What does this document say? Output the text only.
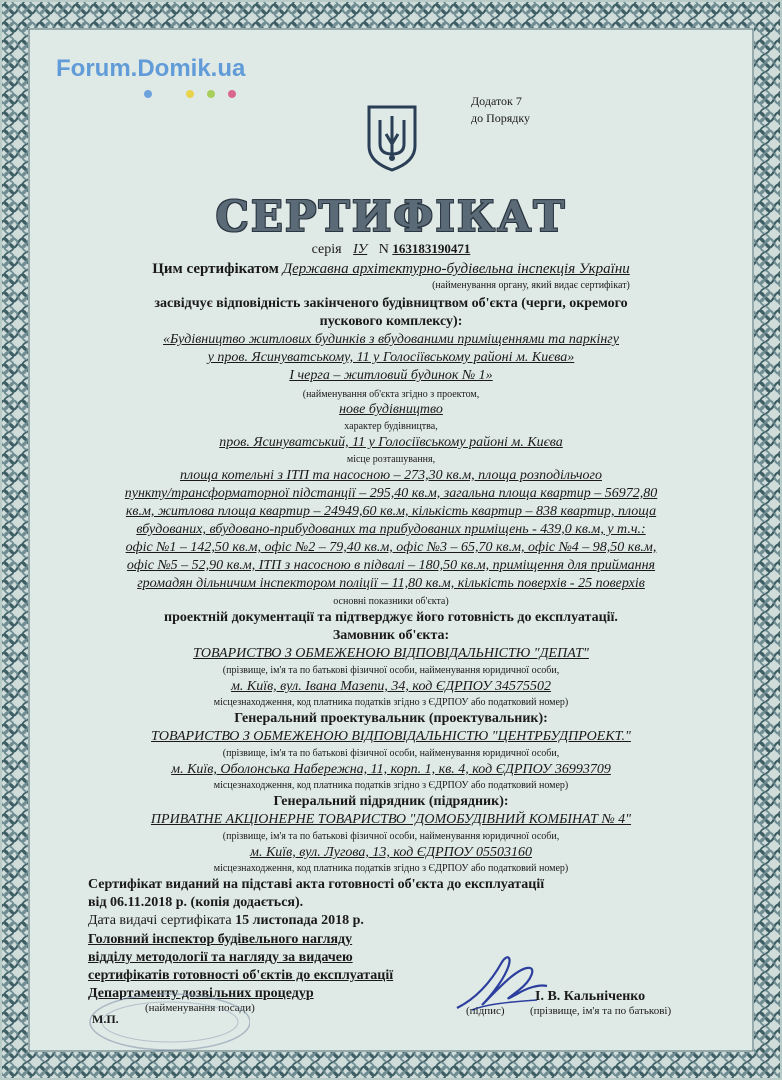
Forum.Domik.ua
Додаток 7
до Порядку
СЕРТИФІКАТ
серія ІУ N 163183190471
Цим сертифікатом Державна архітектурно-будівельна інспекція України
(найменування органу, який видає сертифікат)
засвідчує відповідність закінченого будівництвом об'єкта (черги, окремого
пускового комплексу):
«Будівництво житлових будинків з вбудованими приміщеннями та паркінгу
у пров. Ясинуватському, 11 у Голосіївському районі м. Києва»
I черга – житловий будинок № 1»
(найменування об'єкта згідно з проектом,
нове будівництво
характер будівництва,
пров. Ясинуватський, 11 у Голосіївському районі м. Києва
місце розташування,
площа котельні з ІТП та насосною – 273,30 кв.м, площа розподільчого
пункту/трансформаторної підстанції – 295,40 кв.м, загальна площа квартир – 56972,80
кв.м, житлова площа квартир – 24949,60 кв.м, кількість квартир – 838 квартир, площа
вбудованих, вбудовано-прибудованих та прибудованих приміщень - 439,0 кв.м, у т.ч.:
офіс №1 – 142,50 кв.м, офіс №2 – 79,40 кв.м, офіс №3 – 65,70 кв.м, офіс №4 – 98,50 кв.м,
офіс №5 – 52,90 кв.м, ІТП з насосною в підвалі – 180,50 кв.м, приміщення для приймання
громадян дільничим інспектором поліції – 11,80 кв.м, кількість поверхів - 25 поверхів
основні показники об'єкта)
проектній документації та підтверджує його готовність до експлуатації.
Замовник об'єкта:
ТОВАРИСТВО З ОБМЕЖЕНОЮ ВІДПОВІДАЛЬНІСТЮ "ДЕПАТ"
(прізвище, ім'я та по батькові фізичної особи, найменування юридичної особи,
м. Київ, вул. Івана Мазепи, 34, код ЄДРПОУ 34575502
місцезнаходження, код платника податків згідно з ЄДРПОУ або податковий номер)
Генеральний проектувальник (проектувальник):
ТОВАРИСТВО З ОБМЕЖЕНОЮ ВІДПОВІДАЛЬНІСТЮ "ЦЕНТРБУДПРОЕКТ."
(прізвище, ім'я та по батькові фізичної особи, найменування юридичної особи,
м. Київ, Оболонська Набережна, 11, корп. 1, кв. 4, код ЄДРПОУ 36993709
місцезнаходження, код платника податків згідно з ЄДРПОУ або податковий номер)
Генеральний підрядник (підрядник):
ПРИВАТНЕ АКЦІОНЕРНЕ ТОВАРИСТВО "ДОМОБУДІВНИЙ КОМБІНАТ № 4"
(прізвище, ім'я та по батькові фізичної особи, найменування юридичної особи,
м. Київ, вул. Лугова, 13, код ЄДРПОУ 05503160
місцезнаходження, код платника податків згідно з ЄДРПОУ або податковий номер)
Сертифікат виданий на підставі акта готовності об'єкта до експлуатації
від 06.11.2018 р. (копія додається).
Дата видачі сертифіката 15 листопада 2018 р.
Головний інспектор будівельного нагляду
відділу методології та нагляду за видачею
сертифікатів готовності об'єктів до експлуатації
Департаменту дозвільних процедур
(найменування посади)	(підпис)
І. В. Кальніченко
(прізвище, ім'я та по батькові)
М.П.
